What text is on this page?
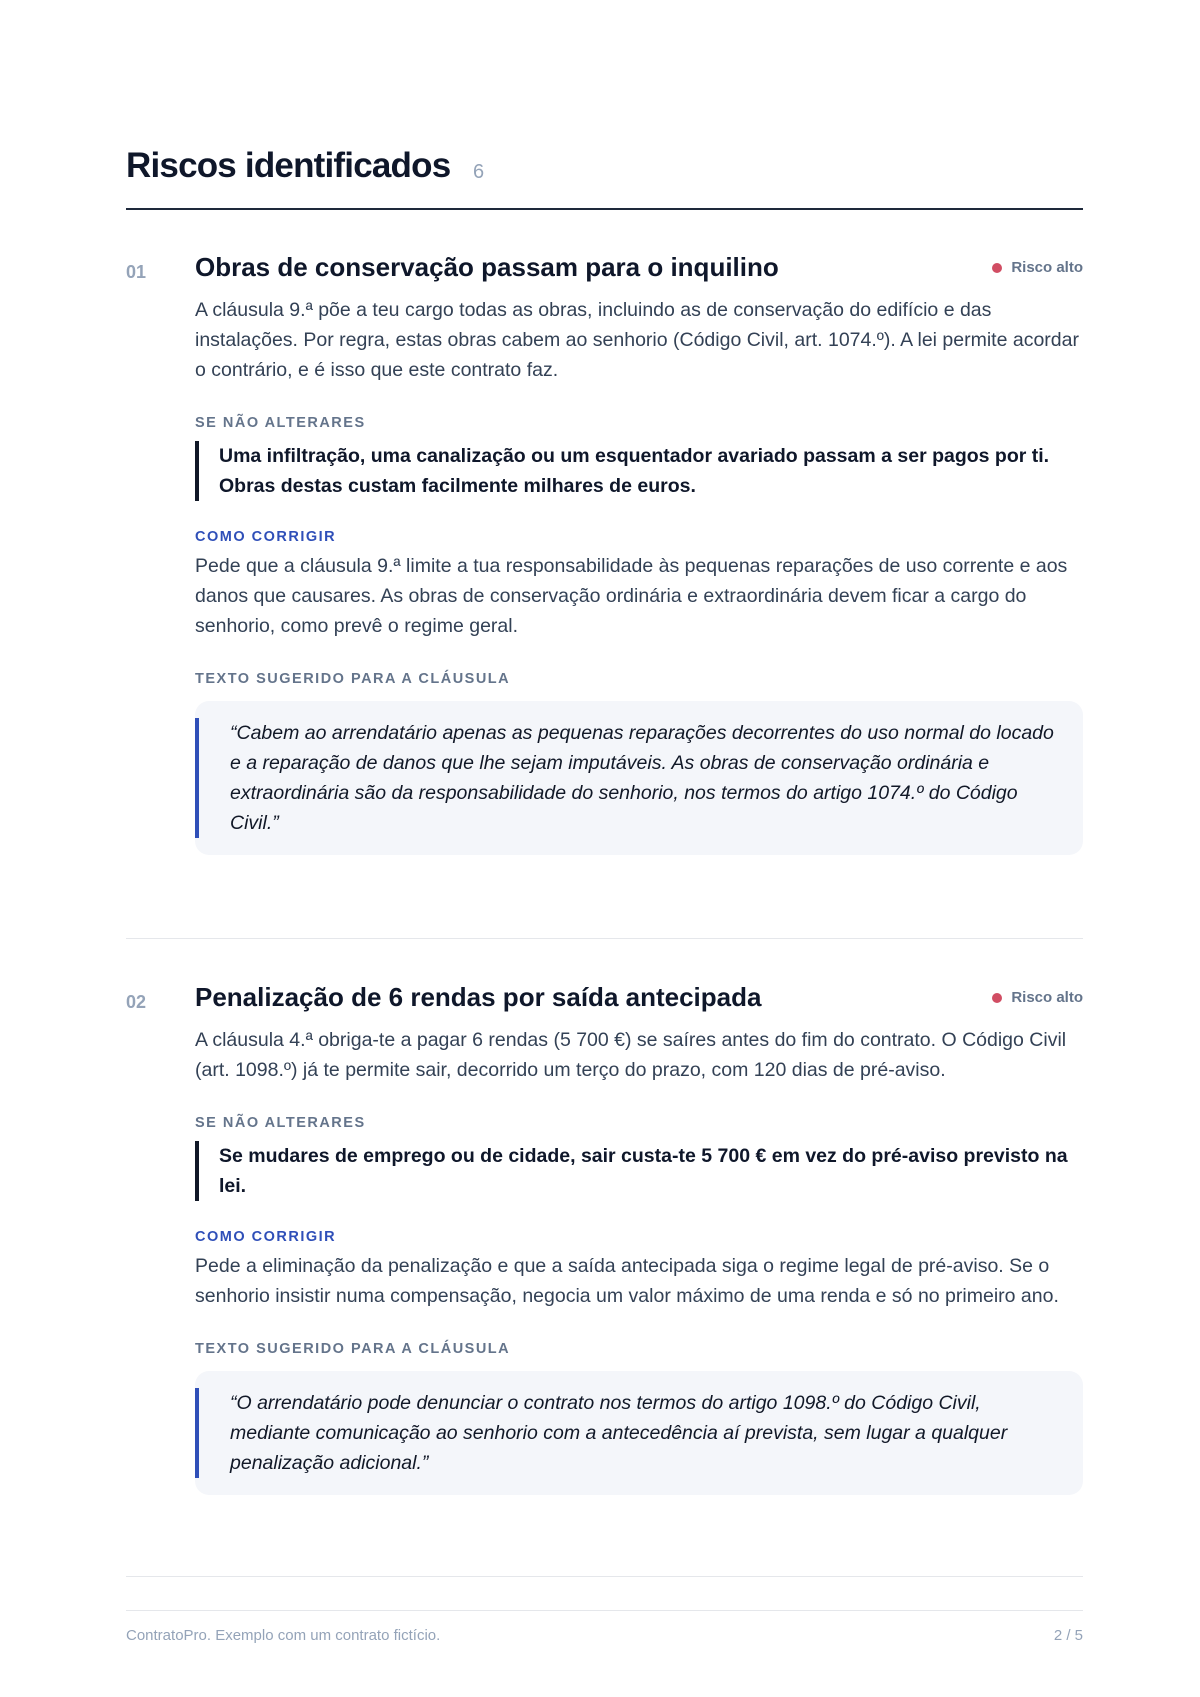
Riscos identificados 6
01 Obras de conservação passam para o inquilino	Risco alto

A cláusula 9.ª põe a teu cargo todas as obras, incluindo as de conservação do edifício e das instalações. Por regra, estas obras cabem ao senhorio (Código Civil, art. 1074.º). A lei permite acordar o contrário, e é isso que este contrato faz.

SE NÃO ALTERARES

Uma infiltração, uma canalização ou um esquentador avariado passam a ser pagos por ti. Obras destas custam facilmente milhares de euros.

COMO CORRIGIR

Pede que a cláusula 9.ª limite a tua responsabilidade às pequenas reparações de uso corrente e aos danos que causares. As obras de conservação ordinária e extraordinária devem ficar a cargo do senhorio, como prevê o regime geral.

TEXTO SUGERIDO PARA A CLÁUSULA

“Cabem ao arrendatário apenas as pequenas reparações decorrentes do uso normal do locado e a reparação de danos que lhe sejam imputáveis. As obras de conservação ordinária e extraordinária são da responsabilidade do senhorio, nos termos do artigo 1074.º do Código Civil.”
02 Penalização de 6 rendas por saída antecipada	Risco alto

A cláusula 4.ª obriga-te a pagar 6 rendas (5 700 €) se saíres antes do fim do contrato. O Código Civil (art. 1098.º) já te permite sair, decorrido um terço do prazo, com 120 dias de pré-aviso.

SE NÃO ALTERARES

Se mudares de emprego ou de cidade, sair custa-te 5 700 € em vez do pré-aviso previsto na lei.

COMO CORRIGIR

Pede a eliminação da penalização e que a saída antecipada siga o regime legal de pré-aviso. Se o senhorio insistir numa compensação, negocia um valor máximo de uma renda e só no primeiro ano.

TEXTO SUGERIDO PARA A CLÁUSULA

“O arrendatário pode denunciar o contrato nos termos do artigo 1098.º do Código Civil, mediante comunicação ao senhorio com a antecedência aí prevista, sem lugar a qualquer penalização adicional.”
ContratoPro. Exemplo com um contrato fictício.	2 / 5
